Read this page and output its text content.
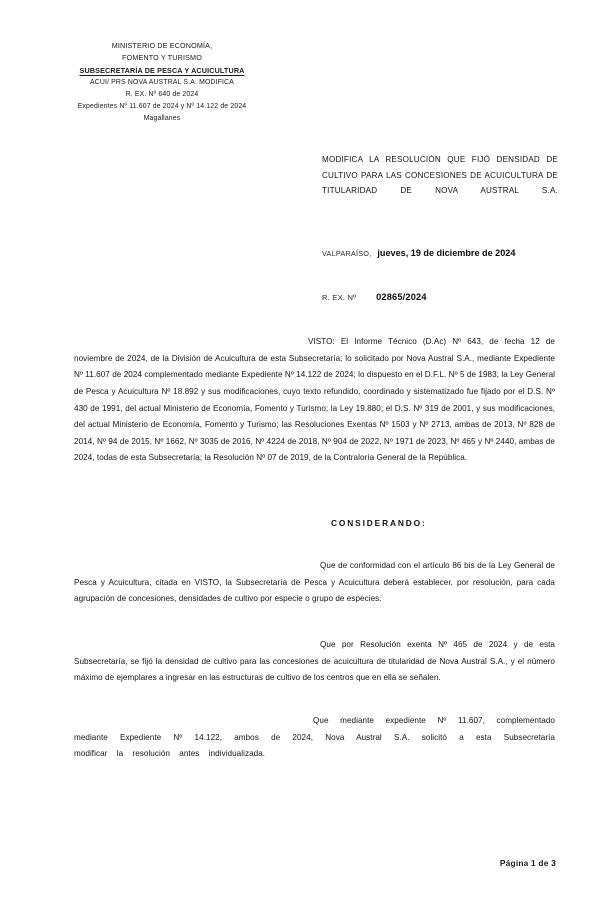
MINISTERIO DE ECONOMÍA,
FOMENTO Y TURISMO
SUBSECRETARÍA DE PESCA Y ACUICULTURA
ACUI/ PRS NOVA AUSTRAL S.A. MODIFICA
R. EX. Nº 640 de 2024
Expedientes Nº 11.607 de 2024 y Nº 14.122 de 2024
Magallanes
MODIFICA LA RESOLUCIÓN QUE FIJÓ DENSIDAD DE CULTIVO PARA LAS CONCESIONES DE ACUICULTURA DE TITULARIDAD DE NOVA AUSTRAL S.A.
VALPARAÍSO, jueves, 19 de diciembre de 2024
R. EX. Nº 02865/2024

VISTO: El Informe Técnico (D.Ac) Nº 643, de fecha 12 de noviembre de 2024, de la División de Acuicultura de esta Subsecretaría; lo solicitado por Nova Austral S.A., mediante Expediente Nº 11.607 de 2024 complementado mediante Expediente Nº 14.122 de 2024; lo dispuesto en el D.F.L. Nº 5 de 1983; la Ley General de Pesca y Acuicultura Nº 18.892 y sus modificaciones, cuyo texto refundido, coordinado y sistematizado fue fijado por el D.S. Nº 430 de 1991, del actual Ministerio de Economía, Fomento y Turismo; la Ley 19.880; el D.S. Nº 319 de 2001, y sus modificaciones, del actual Ministerio de Economía, Fomento y Turismo; las Resoluciones Exentas Nº 1503 y Nº 2713, ambas de 2013, Nº 828 de 2014, Nº 94 de 2015, Nº 1662, Nº 3035 de 2016, Nº 4224 de 2018, Nº 904 de 2022, Nº 1971 de 2023, Nº 465 y Nº 2440, ambas de 2024, todas de esta Subsecretaría; la Resolución Nº 07 de 2019, de la Contraloría General de la República.

CONSIDERANDO:

Que de conformidad con el artículo 86 bis de la Ley General de Pesca y Acuicultura, citada en VISTO, la Subsecretaría de Pesca y Acuicultura deberá establecer, por resolución, para cada agrupación de concesiones, densidades de cultivo por especie o grupo de especies.

Que por Resolución exenta Nº 465 de 2024 y de esta Subsecretaría, se fijó la densidad de cultivo para las concesiones de acuicultura de titularidad de Nova Austral S.A., y el número máximo de ejemplares a ingresar en las estructuras de cultivo de los centros que en ella se señalen.

Que mediante expediente Nº 11.607, complementado mediante Expediente Nº 14.122, ambos de 2024, Nova Austral S.A. solicitó a esta Subsecretaría modificar la resolución antes individualizada.

Página 1 de 3
